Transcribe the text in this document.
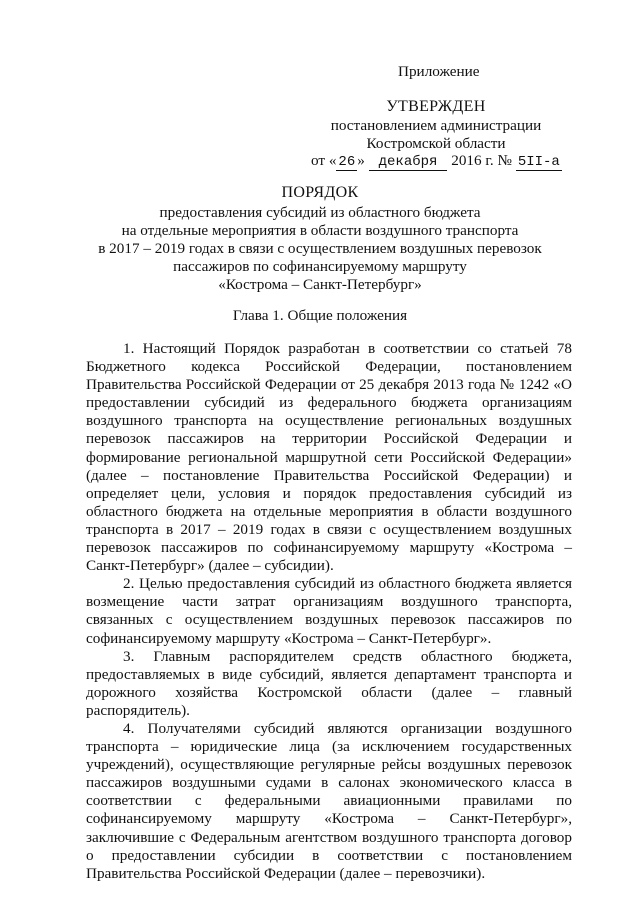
Приложение
УТВЕРЖДЕН
постановлением администрации
Костромской области
от « 26 » декабря 2016 г. № 5II-а
ПОРЯДОК
предоставления субсидий из областного бюджета
на отдельные мероприятия в области воздушного транспорта
в 2017 – 2019 годах в связи с осуществлением воздушных перевозок
пассажиров по софинансируемому маршруту
«Кострома – Санкт-Петербург»
Глава 1. Общие положения

1. Настоящий Порядок разработан в соответствии со статьей 78 Бюджетного кодекса Российской Федерации, постановлением Правительства Российской Федерации от 25 декабря 2013 года № 1242 «О предоставлении субсидий из федерального бюджета организациям воздушного транспорта на осуществление региональных воздушных перевозок пассажиров на территории Российской Федерации и формирование региональной маршрутной сети Российской Федерации» (далее – постановление Правительства Российской Федерации) и определяет цели, условия и порядок предоставления субсидий из областного бюджета на отдельные мероприятия в области воздушного транспорта в 2017 – 2019 годах в связи с осуществлением воздушных перевозок пассажиров по софинансируемому маршруту «Кострома – Санкт-Петербург» (далее – субсидии).

2. Целью предоставления субсидий из областного бюджета является возмещение части затрат организациям воздушного транспорта, связанных с осуществлением воздушных перевозок пассажиров по софинансируемому маршруту «Кострома – Санкт-Петербург».

3. Главным распорядителем средств областного бюджета, предоставляемых в виде субсидий, является департамент транспорта и дорожного хозяйства Костромской области (далее – главный распорядитель).

4. Получателями субсидий являются организации воздушного транспорта – юридические лица (за исключением государственных учреждений), осуществляющие регулярные рейсы воздушных перевозок пассажиров воздушными судами в салонах экономического класса в соответствии с федеральными авиационными правилами по софинансируемому маршруту «Кострома – Санкт-Петербург», заключившие с Федеральным агентством воздушного транспорта договор о предоставлении субсидии в соответствии с постановлением Правительства Российской Федерации (далее – перевозчики).
